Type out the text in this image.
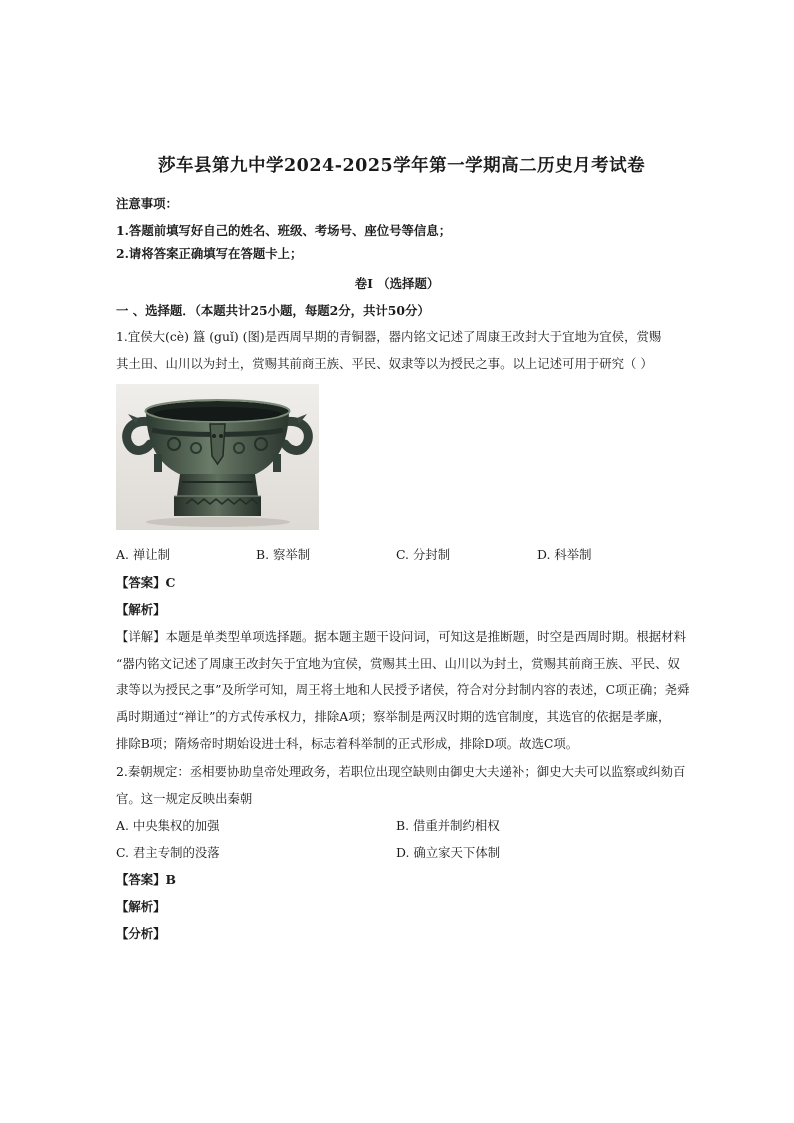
莎车县第九中学2024-2025学年第一学期高二历史月考试卷
注意事项：
1.答题前填写好自己的姓名、班级、考场号、座位号等信息；
2.请将答案正确填写在答题卡上；
卷I （选择题）
一 、选择题．（本题共计25小题，每题2分，共计50分）
1.宜侯大(cè) 簋 (guǐ) (图)是西周早期的青铜器，器内铭文记述了周康王改封大于宜地为宜侯，赏赐
其土田、山川以为封土，赏赐其前商王族、平民、奴隶等以为授民之事。以上记述可用于研究（ ）
A. 禅让制	B. 察举制	C. 分封制	D. 科举制
【答案】C
【解析】
【详解】本题是单类型单项选择题。据本题主题干设问词，可知这是推断题，时空是西周时期。根据材料
“器内铭文记述了周康王改封矢于宜地为宜侯，赏赐其土田、山川以为封土，赏赐其前商王族、平民、奴
隶等以为授民之事”及所学可知，周王将土地和人民授予诸侯，符合对分封制内容的表述，C项正确；尧舜
禹时期通过“禅让”的方式传承权力，排除A项；察举制是两汉时期的选官制度，其选官的依据是孝廉，
排除B项；隋炀帝时期始设进士科，标志着科举制的正式形成，排除D项。故选C项。
2.秦朝规定：丞相要协助皇帝处理政务，若职位出现空缺则由御史大夫递补；御史大夫可以监察或纠劾百
官。这一规定反映出秦朝
A. 中央集权的加强	B. 借重并制约相权
C. 君主专制的没落	D. 确立家天下体制
【答案】B
【解析】
【分析】
